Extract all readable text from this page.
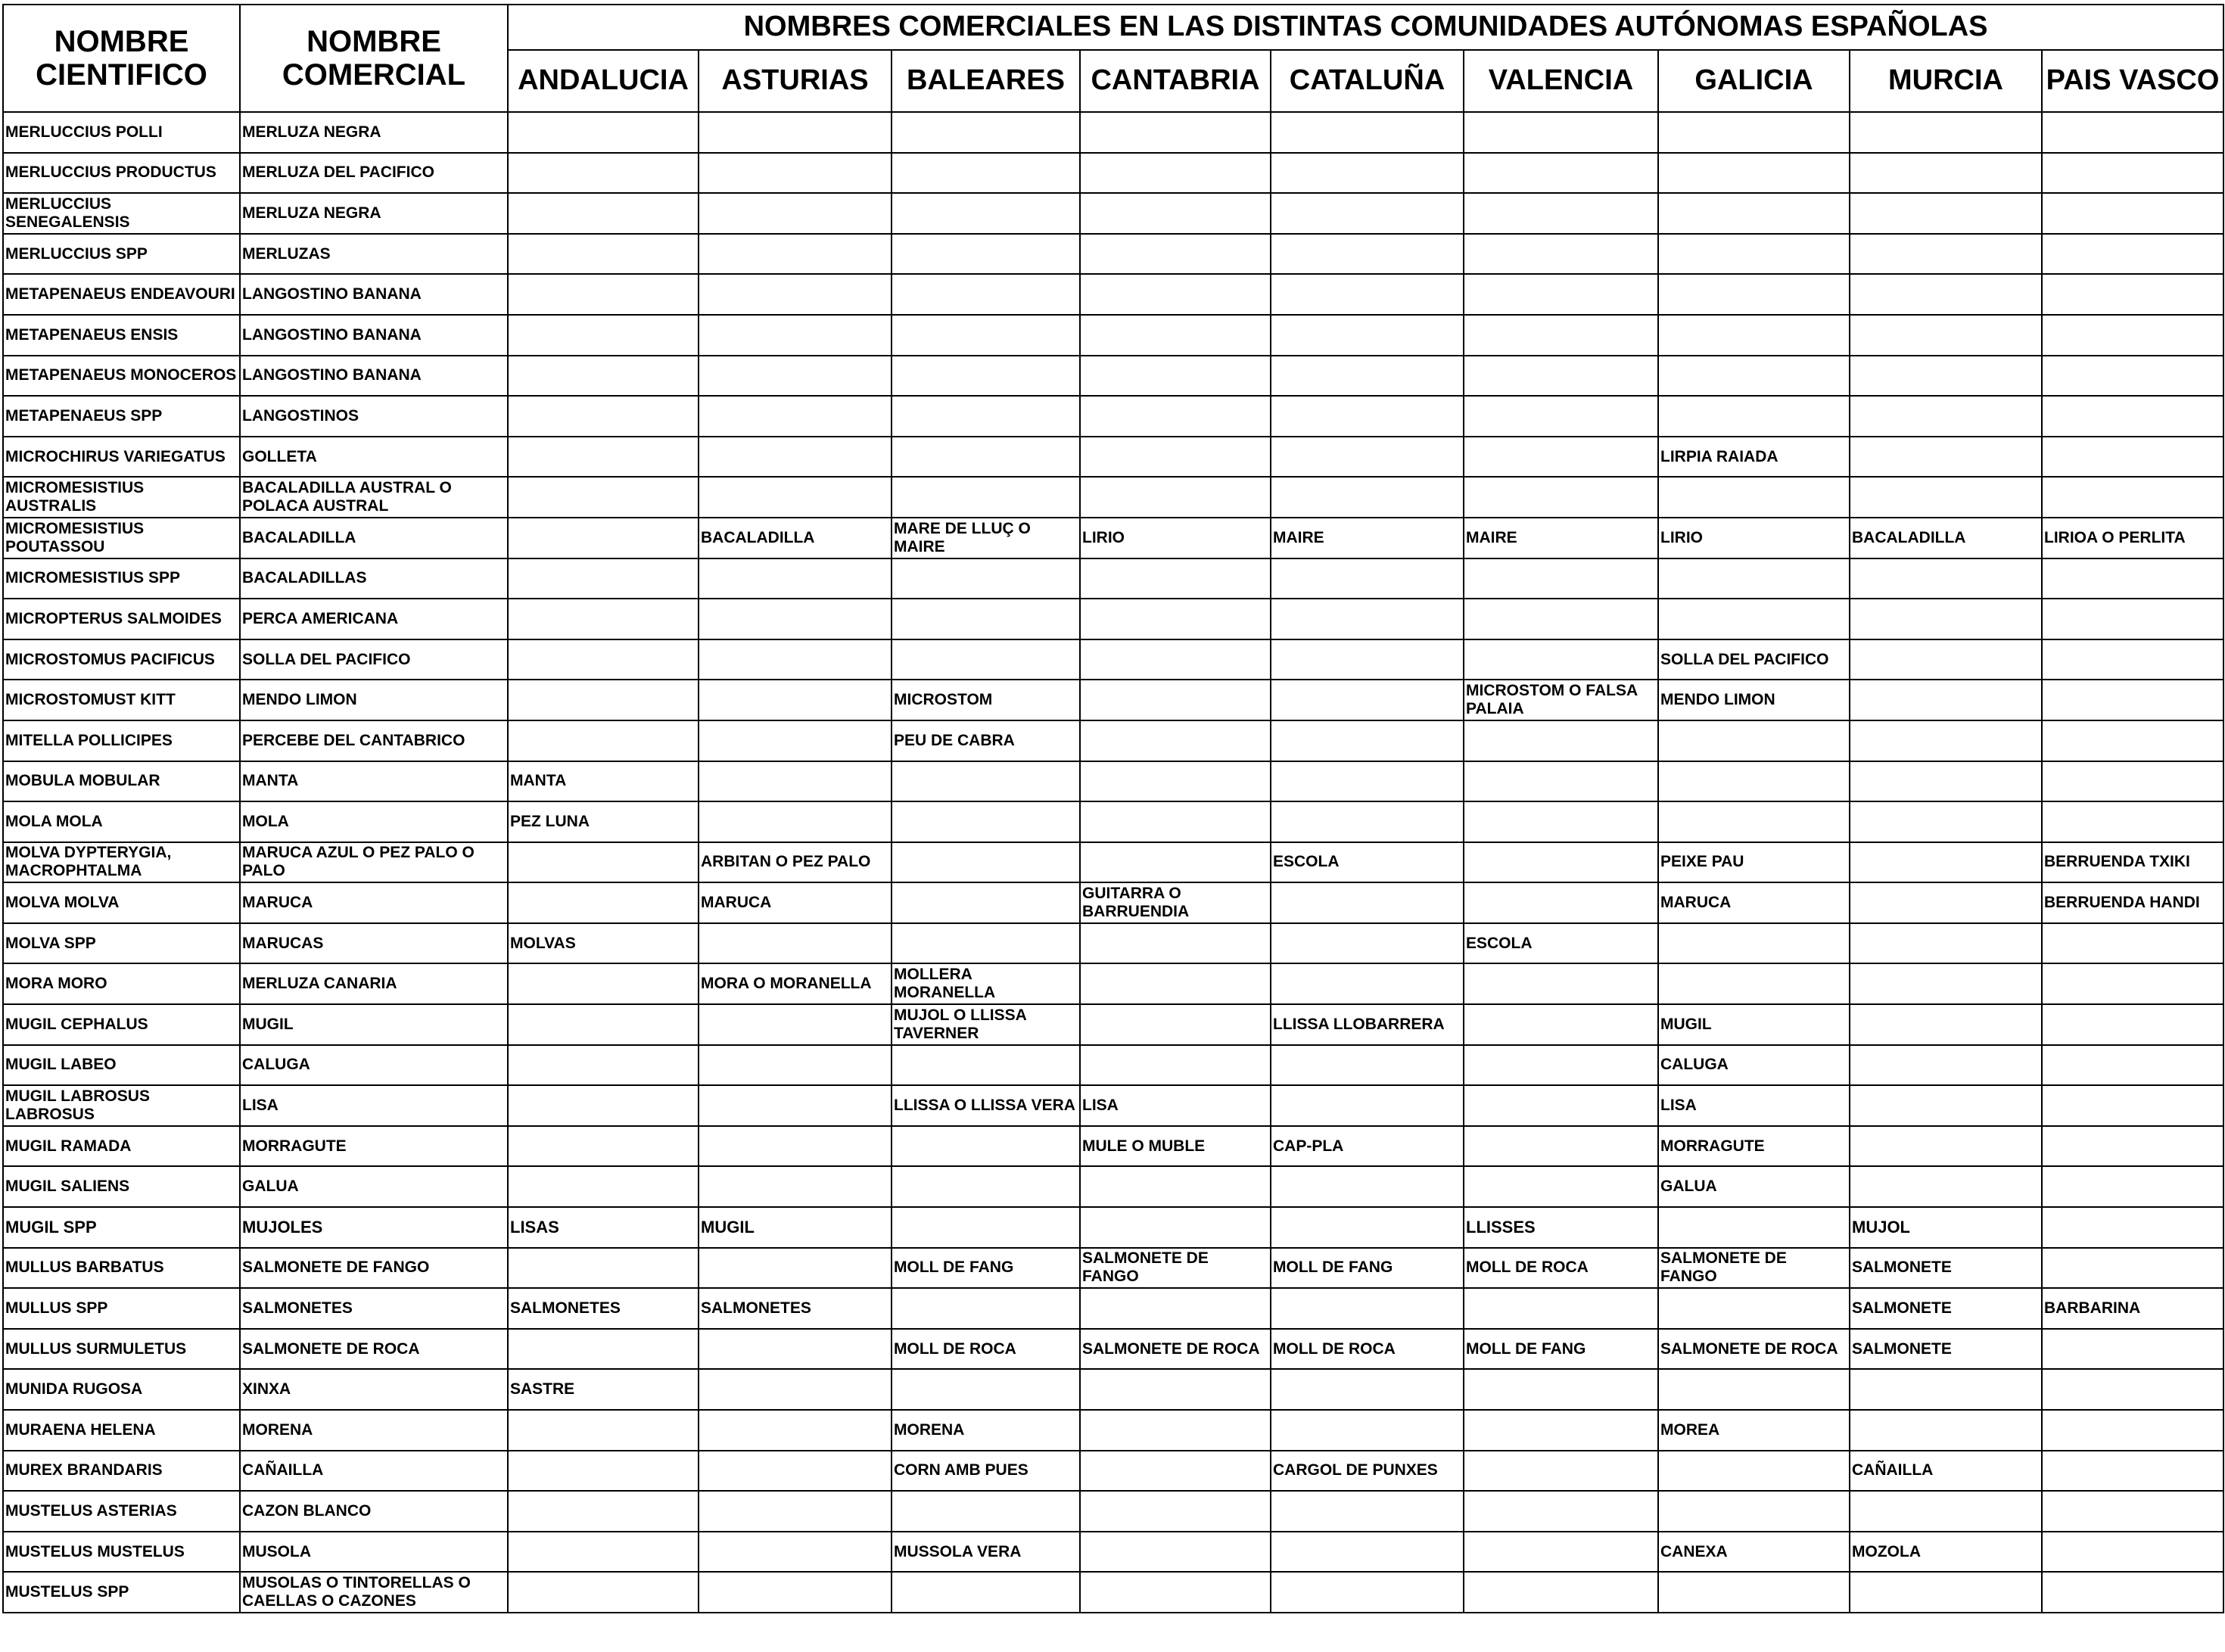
NOMBRE CIENTIFICO	NOMBRE COMERCIAL	NOMBRES COMERCIALES EN LAS DISTINTAS COMUNIDADES AUTÓNOMAS ESPAÑOLAS								
		ANDALUCIA	ASTURIAS	BALEARES	CANTABRIA	CATALUÑA	VALENCIA	GALICIA	MURCIA	PAIS VASCO
MERLUCCIUS POLLI	MERLUZA NEGRA									
MERLUCCIUS PRODUCTUS	MERLUZA DEL PACIFICO									
MERLUCCIUS SENEGALENSIS	MERLUZA NEGRA									
MERLUCCIUS SPP	MERLUZAS									
METAPENAEUS ENDEAVOURI	LANGOSTINO BANANA									
METAPENAEUS ENSIS	LANGOSTINO BANANA									
METAPENAEUS MONOCEROS	LANGOSTINO BANANA									
METAPENAEUS SPP	LANGOSTINOS									
MICROCHIRUS VARIEGATUS	GOLLETA							LIRPIA RAIADA		
MICROMESISTIUS AUSTRALIS	BACALADILLA AUSTRAL O POLACA AUSTRAL									
MICROMESISTIUS POUTASSOU	BACALADILLA		BACALADILLA	MARE DE LLUÇ O MAIRE	LIRIO	MAIRE	MAIRE	LIRIO	BACALADILLA	LIRIOA O PERLITA
MICROMESISTIUS SPP	BACALADILLAS									
MICROPTERUS SALMOIDES	PERCA AMERICANA									
MICROSTOMUS PACIFICUS	SOLLA DEL PACIFICO							SOLLA DEL PACIFICO		
MICROSTOMUST KITT	MENDO LIMON			MICROSTOM			MICROSTOM O FALSA PALAIA	MENDO LIMON		
MITELLA POLLICIPES	PERCEBE DEL CANTABRICO			PEU DE CABRA						
MOBULA MOBULAR	MANTA	MANTA								
MOLA MOLA	MOLA	PEZ LUNA								
MOLVA DYPTERYGIA, MACROPHTALMA	MARUCA AZUL O PEZ PALO O PALO		ARBITAN O PEZ PALO			ESCOLA		PEIXE PAU		BERRUENDA TXIKI
MOLVA MOLVA	MARUCA		MARUCA		GUITARRA O BARRUENDIA			MARUCA		BERRUENDA HANDI
MOLVA SPP	MARUCAS	MOLVAS					ESCOLA			
MORA MORO	MERLUZA CANARIA		MORA O MORANELLA	MOLLERA MORANELLA						
MUGIL CEPHALUS	MUGIL			MUJOL O LLISSA TAVERNER		LLISSA LLOBARRERA		MUGIL		
MUGIL LABEO	CALUGA							CALUGA		
MUGIL LABROSUS LABROSUS	LISA			LLISSA O LLISSA VERA	LISA			LISA		
MUGIL RAMADA	MORRAGUTE				MULE O MUBLE	CAP-PLA		MORRAGUTE		
MUGIL SALIENS	GALUA							GALUA		
MUGIL SPP	MUJOLES	LISAS	MUGIL				LLISSES		MUJOL	
MULLUS BARBATUS	SALMONETE DE FANGO			MOLL DE FANG	SALMONETE DE FANGO	MOLL DE FANG	MOLL DE ROCA	SALMONETE DE FANGO	SALMONETE	
MULLUS SPP	SALMONETES	SALMONETES	SALMONETES						SALMONETE	BARBARINA
MULLUS SURMULETUS	SALMONETE DE ROCA			MOLL DE ROCA	SALMONETE DE ROCA	MOLL DE ROCA	MOLL DE FANG	SALMONETE DE ROCA	SALMONETE	
MUNIDA RUGOSA	XINXA	SASTRE								
MURAENA HELENA	MORENA			MORENA				MOREA		
MUREX BRANDARIS	CAÑAILLA			CORN AMB PUES		CARGOL DE PUNXES			CAÑAILLA	
MUSTELUS ASTERIAS	CAZON BLANCO									
MUSTELUS MUSTELUS	MUSOLA			MUSSOLA VERA				CANEXA	MOZOLA	
MUSTELUS SPP	MUSOLAS O TINTORELLAS O CAELLAS O CAZONES									
